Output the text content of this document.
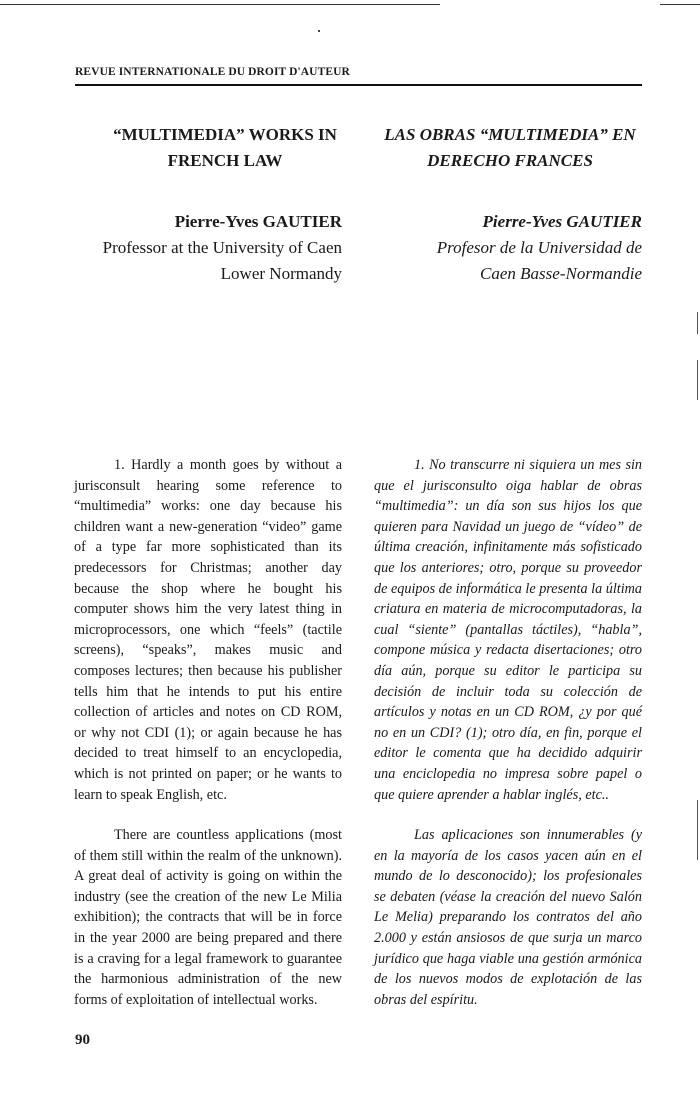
REVUE INTERNATIONALE DU DROIT D'AUTEUR
“MULTIMEDIA” WORKS IN
FRENCH LAW
LAS OBRAS “MULTIMEDIA” EN
DERECHO FRANCES
Pierre-Yves GAUTIER
Professor at the University of Caen
Lower Normandy
Pierre-Yves GAUTIER
Profesor de la Universidad de
Caen Basse-Normandie

1. Hardly a month goes by without a jurisconsult hearing some reference to “multimedia” works: one day because his children want a new-generation “video” game of a type far more sophisticated than its predecessors for Christmas; another day because the shop where he bought his computer shows him the very latest thing in microprocessors, one which “feels” (tactile screens), “speaks”, makes music and composes lectures; then because his publisher tells him that he intends to put his entire collection of articles and notes on CD ROM, or why not CDI (1); or again because he has decided to treat himself to an encyclopedia, which is not printed on paper; or he wants to learn to speak English, etc.

There are countless applications (most of them still within the realm of the unknown). A great deal of activity is going on within the industry (see the creation of the new Le Milia exhibition); the contracts that will be in force in the year 2000 are being prepared and there is a craving for a legal framework to guarantee the harmonious administration of the new forms of exploitation of intellectual works.

1. No transcurre ni siquiera un mes sin que el jurisconsulto oiga hablar de obras “multimedia”: un día son sus hijos los que quieren para Navidad un juego de “vídeo” de última creación, infinitamente más sofisticado que los anteriores; otro, porque su proveedor de equipos de informática le presenta la última criatura en materia de microcomputadoras, la cual “siente” (pantallas táctiles), “habla”, compone música y redacta disertaciones; otro día aún, porque su editor le participa su decisión de incluir toda su colección de artículos y notas en un CD ROM, ¿y por qué no en un CDI? (1); otro día, en fin, porque el editor le comenta que ha decidido adquirir una enciclopedia no impresa sobre papel o que quiere aprender a hablar inglés, etc..

Las aplicaciones son innumerables (y en la mayoría de los casos yacen aún en el mundo de lo desconocido); los profesionales se debaten (véase la creación del nuevo Salón Le Melia) preparando los contratos del año 2.000 y están ansiosos de que surja un marco jurídico que haga viable una gestión armónica de los nuevos modos de explotación de las obras del espíritu.

90
